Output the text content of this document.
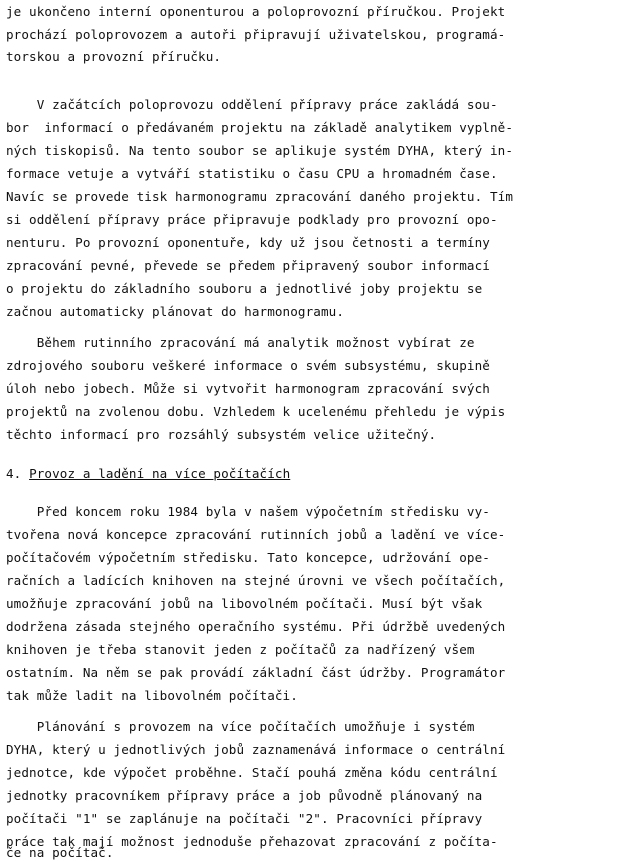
je ukončeno interní oponenturou a poloprovozní příručkou. Projekt
prochází poloprovozem a autoři připravují uživatelskou, programá-
torskou a provozní příručku.
V začátcích poloprovozu oddělení přípravy práce zakládá sou-
bor  informací o předávaném projektu na základě analytikem vyplně-
ných tiskopisů. Na tento soubor se aplikuje systém DYHA, který in-
formace vetuje a vytváří statistiku o času CPU a hromadném čase.
Navíc se provede tisk harmonogramu zpracování daného projektu. Tím
si oddělení přípravy práce připravuje podklady pro provozní opo-
nenturu. Po provozní oponentuře, kdy už jsou četnosti a termíny
zpracování pevné, převede se předem připravený soubor informací
o projektu do základního souboru a jednotlivé joby projektu se
začnou automaticky plánovat do harmonogramu.
Během rutinního zpracování má analytik možnost vybírat ze
zdrojového souboru veškeré informace o svém subsystému, skupině
úloh nebo jobech. Může si vytvořit harmonogram zpracování svých
projektů na zvolenou dobu. Vzhledem k ucelenému přehledu je výpis
těchto informací pro rozsáhlý subsystém velice užitečný.
4. Provoz a ladění na více počítačích
Před koncem roku 1984 byla v našem výpočetním středisku vy-
tvořena nová koncepce zpracování rutinních jobů a ladění ve více-
počítačovém výpočetním středisku. Tato koncepce, udržování ope-
račních a ladících knihoven na stejné úrovni ve všech počítačích,
umožňuje zpracování jobů na libovolném počítači. Musí být však
dodržena zásada stejného operačního systému. Při údržbě uvedených
knihoven je třeba stanovit jeden z počítačů za nadřízený všem
ostatním. Na něm se pak provádí základní část údržby. Programátor
tak může ladit na libovolném počítači.
Plánování s provozem na více počítačích umožňuje i systém
DYHA, který u jednotlivých jobů zaznamenává informace o centrální
jednotce, kde výpočet proběhne. Stačí pouhá změna kódu centrální
jednotky pracovníkem přípravy práce a job původně plánovaný na
počítači "1" se zaplánuje na počítači "2". Pracovníci přípravy
práce tak mají možnost jednoduše přehazovat zpracování z počíta-
če na počítač.
